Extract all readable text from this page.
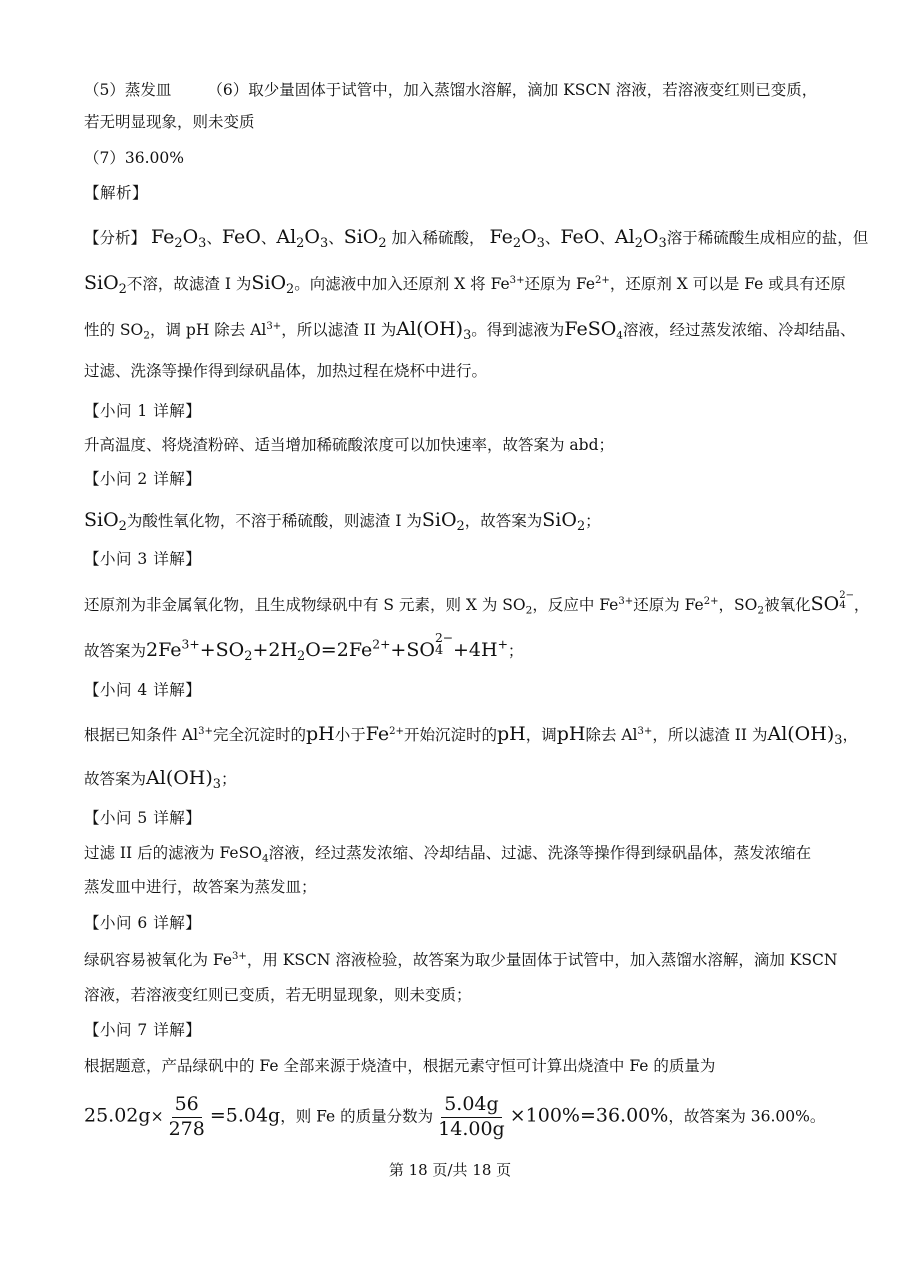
（5）蒸发皿 （6）取少量固体于试管中，加入蒸馏水溶解，滴加 KSCN 溶液，若溶液变红则已变质，
若无明显现象，则未变质
（7）36.00%
【解析】
【分析】 $Fe_2O_3$、FeO、$Al_2O_3$、SiO$_2$ 加入稀硫酸， $Fe_2O_3$、FeO、$Al_2O_3$溶于稀硫酸生成相应的盐，但
SiO$_2$不溶，故滤渣 I 为SiO$_2$。向滤液中加入还原剂 X 将 $Fe^{3+}$还原为 $Fe^{2+}$，还原剂 X 可以是 Fe 或具有还原
性的 $SO_2$，调 pH 除去 $Al^{3+}$，所以滤渣 II 为$Al(OH)_3$。得到滤液为FeSO$_4$溶液，经过蒸发浓缩、冷却结晶、
过滤、洗涤等操作得到绿矾晶体，加热过程在烧杯中进行。
【小问 1 详解】
升高温度、将烧渣粉碎、适当增加稀硫酸浓度可以加快速率，故答案为 abd；
【小问 2 详解】
SiO$_2$为酸性氧化物，不溶于稀硫酸，则滤渣 I 为SiO$_2$，故答案为SiO$_2$；
【小问 3 详解】
还原剂为非金属氧化物，且生成物绿矾中有 S 元素，则 X 为 $SO_2$，反应中 $Fe^{3+}$还原为 $Fe^{2+}$，$SO_2$被氧化SO 2−
4 ，
故答案为$2Fe^{3+}+SO_2+2H_2O=2Fe^{2+}+SO$
2−
4 +4H+；
【小问 4 详解】
根据已知条件 $Al^{3+}$完全沉淀时的pH小于$Fe^{2+}$开始沉淀时的pH，调pH除去 $Al^{3+}$，所以滤渣 II 为$Al(OH)_3$，
故答案为$Al(OH)_3$；
【小问 5 详解】
过滤 II 后的滤液为 FeSO$_4$溶液，经过蒸发浓缩、冷却结晶、过滤、洗涤等操作得到绿矾晶体，蒸发浓缩在
蒸发皿中进行，故答案为蒸发皿；
【小问 6 详解】
绿矾容易被氧化为 $Fe^{3+}$，用 KSCN 溶液检验，故答案为取少量固体于试管中，加入蒸馏水溶解，滴加 KSCN
溶液，若溶液变红则已变质，若无明显现象，则未变质；
【小问 7 详解】
根据题意，产品绿矾中的 Fe 全部来源于烧渣中，根据元素守恒可计算出烧渣中 Fe 的质量为
$25.02g\times \frac{56}{278} =5.04g$，则 Fe 的质量分数为 $\frac{5.04g}{14.00g} \times 100\%=36.00\%$，故答案为 36.00%。
第 18 页/共 18 页
